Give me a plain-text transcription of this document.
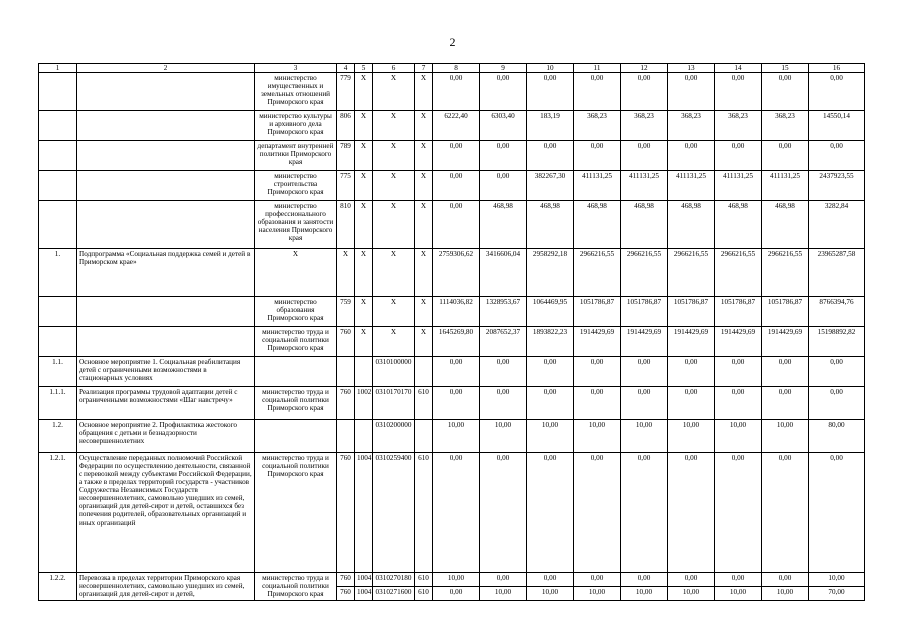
2
1	2	3	4	5	6	7	8	9	10	11	12	13	14	15	16
		министерство имущественных и земельных отношений Приморского края	779	X	X	X	0,00	0,00	0,00	0,00	0,00	0,00	0,00	0,00	0,00
		министерство культуры и архивного дела Приморского края	806	X	X	X	6222,40	6303,40	183,19	368,23	368,23	368,23	368,23	368,23	14550,14
		департамент внутренней политики Приморского края	789	X	X	X	0,00	0,00	0,00	0,00	0,00	0,00	0,00	0,00	0,00
		министерство строительства Приморского края	775	X	X	X	0,00	0,00	382267,30	411131,25	411131,25	411131,25	411131,25	411131,25	2437923,55
		министерство профессионального образования и занятости населения Приморского края	810	X	X	X	0,00	468,98	468,98	468,98	468,98	468,98	468,98	468,98	3282,84
1.	Подпрограмма «Социальная поддержка семей и детей в Приморском крае»	X	X	X	X	X	2759306,62	3416606,04	2958292,18	2966216,55	2966216,55	2966216,55	2966216,55	2966216,55	23965287,58
		министерство образования Приморского края	759	X	X	X	1114036,82	1328953,67	1064469,95	1051786,87	1051786,87	1051786,87	1051786,87	1051786,87	8766394,76
		министерство труда и социальной политики Приморского края	760	X	X	X	1645269,80	2087652,37	1893822,23	1914429,69	1914429,69	1914429,69	1914429,69	1914429,69	15198892,82
1.1.	Основное мероприятие 1. Социальная реабилитация детей с ограниченными возможностями в стационарных условиях				0310100000		0,00	0,00	0,00	0,00	0,00	0,00	0,00	0,00	0,00
1.1.1.	Реализация программы трудовой адаптации детей с ограниченными возможностями «Шаг навстречу»	министерство труда и социальной политики Приморского края	760	1002	0310170170	610	0,00	0,00	0,00	0,00	0,00	0,00	0,00	0,00	0,00
1.2.	Основное мероприятие 2. Профилактика жестокого обращения с детьми и безнадзорности несовершеннолетних				0310200000		10,00	10,00	10,00	10,00	10,00	10,00	10,00	10,00	80,00
1.2.1.	Осуществление переданных полномочий Российской Федерации по осуществлению деятельности, связанной с перевозкой между субъектами Российской Федерации, а также в пределах территорий государств - участников Содружества Независимых Государств несовершеннолетних, самовольно ушедших из семей, организаций для детей-сирот и детей, оставшихся без попечения родителей, образовательных организаций и иных организаций	министерство труда и социальной политики Приморского края	760	1004	0310259400	610	0,00	0,00	0,00	0,00	0,00	0,00	0,00	0,00	0,00
1.2.2.	Перевозка в пределах территории Приморского края несовершеннолетних, самовольно ушедших из семей, организаций для детей-сирот и детей,	министерство труда и социальной политики Приморского края	760	1004	0310270180	610	10,00	0,00	0,00	0,00	0,00	0,00	0,00	0,00	10,00
			760	1004	0310271600	610	0,00	10,00	10,00	10,00	10,00	10,00	10,00	10,00	70,00
